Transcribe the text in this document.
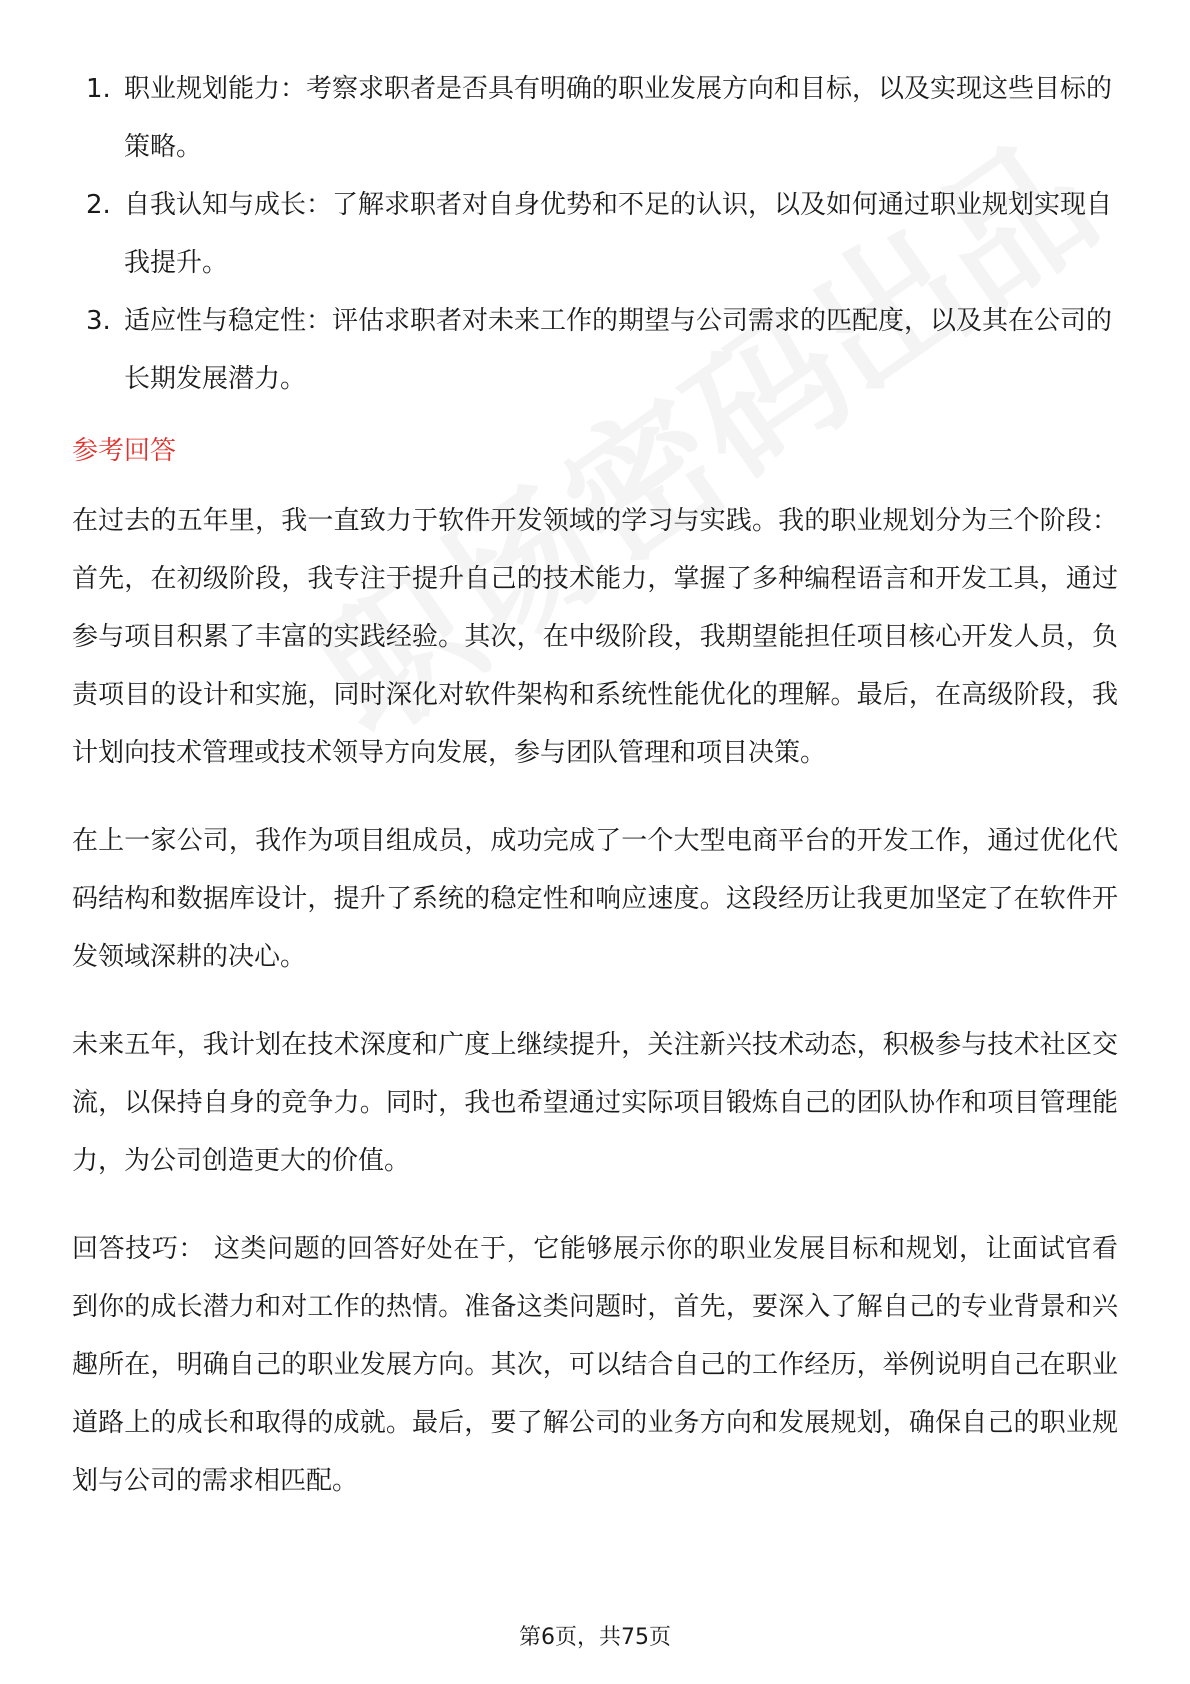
1. 职业规划能力：考察求职者是否具有明确的职业发展方向和目标，以及实现这些目标的策略。
2. 自我认知与成长：了解求职者对自身优势和不足的认识，以及如何通过职业规划实现自我提升。
3. 适应性与稳定性：评估求职者对未来工作的期望与公司需求的匹配度，以及其在公司的长期发展潜力。
参考回答

在过去的五年里，我一直致力于软件开发领域的学习与实践。我的职业规划分为三个阶段：首先，在初级阶段，我专注于提升自己的技术能力，掌握了多种编程语言和开发工具，通过参与项目积累了丰富的实践经验。其次，在中级阶段，我期望能担任项目核心开发人员，负责项目的设计和实施，同时深化对软件架构和系统性能优化的理解。最后，在高级阶段，我计划向技术管理或技术领导方向发展，参与团队管理和项目决策。

在上一家公司，我作为项目组成员，成功完成了一个大型电商平台的开发工作，通过优化代码结构和数据库设计，提升了系统的稳定性和响应速度。这段经历让我更加坚定了在软件开发领域深耕的决心。

未来五年，我计划在技术深度和广度上继续提升，关注新兴技术动态，积极参与技术社区交流，以保持自身的竞争力。同时，我也希望通过实际项目锻炼自己的团队协作和项目管理能力，为公司创造更大的价值。

回答技巧： 这类问题的回答好处在于，它能够展示你的职业发展目标和规划，让面试官看到你的成长潜力和对工作的热情。准备这类问题时，首先，要深入了解自己的专业背景和兴趣所在，明确自己的职业发展方向。其次，可以结合自己的工作经历，举例说明自己在职业道路上的成长和取得的成就。最后，要了解公司的业务方向和发展规划，确保自己的职业规划与公司的需求相匹配。

第6页，共75页
